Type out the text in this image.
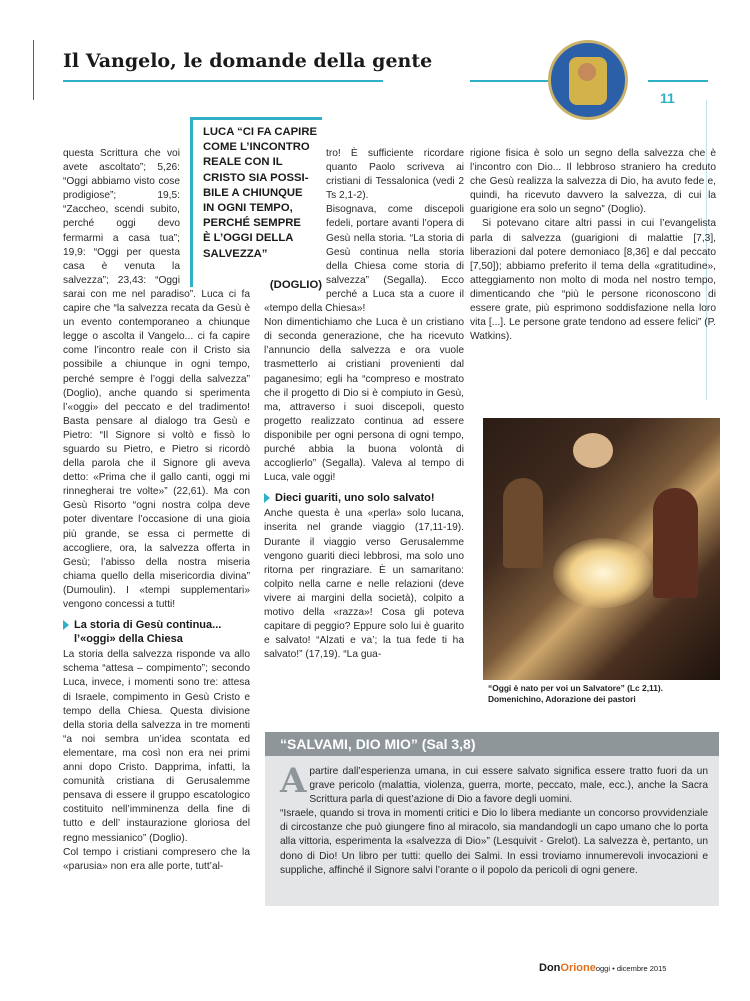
Il Vangelo, le domande della gente
11
LUCA “CI FA CAPIRE
COME L’INCONTRO
REALE CON IL
CRISTO SIA POSSI-
BILE A CHIUNQUE
IN OGNI TEMPO,
PERCHÉ SEMPRE
È L’OGGI DELLA
SALVEZZA”
(DOGLIO)

questa Scrittura che voi avete ascoltato”; 5,26: “Oggi abbiamo visto cose prodigiose”; 19,5: “Zaccheo, scendi subito, perché oggi devo fermarmi a casa tua”; 19,9: “Oggi per questa casa è venuta la salvezza”; 23,43: “Oggi sarai con me nel paradiso”. Luca ci fa capire che “la salvezza recata da Gesù è un evento contemporaneo a chiunque legge o ascolta il Vangelo... ci fa capire come l’incontro reale con il Cristo sia possibile a chiunque in ogni tempo, perché sempre è l’oggi della salvezza” (Doglio), anche quando si sperimenta l’«oggi» del peccato e del tradimento! Basta pensare al dialogo tra Gesù e Pietro: “Il Signore si voltò e fissò lo sguardo su Pietro, e Pietro si ricordò della parola che il Signore gli aveva detto: «Prima che il gallo canti, oggi mi rinnegherai tre volte»” (22,61). Ma con Gesù Risorto “ogni nostra colpa deve poter diventare l’occasione di una gioia più grande, se essa ci permette di accogliere, ora, la salvezza offerta in Gesù; l’abisso della nostra miseria chiama quello della misericordia divina” (Dumoulin). I «tempi supplementari» vengono concessi a tutti!

La storia di Gesù continua...
l’«oggi» della Chiesa

La storia della salvezza risponde va allo schema “attesa – compimento”; secondo Luca, invece, i momenti sono tre: attesa di Israele, compimento in Gesù Cristo e tempo della Chiesa. Questa divisione della storia della salvezza in tre momenti “a noi sembra un’idea scontata ed elementare, ma così non era nei primi anni dopo Cristo. Dapprima, infatti, la comunità cristiana di Gerusalemme pensava di essere il gruppo escatologico costituito nell’imminenza della fine di tutto e dell’ instaurazione gloriosa del regno messianico” (Doglio).

Col tempo i cristiani compresero che la «parusia» non era alle porte, tutt’al-

tro! È sufficiente ricordare quanto Paolo scriveva ai cristiani di Tessalonica (vedi 2 Ts 2,1-2).

Bisognava, come discepoli fedeli, portare avanti l’opera di Gesù nella storia. “La storia di Gesù continua nella storia della Chiesa come storia di salvezza” (Segalla). Ecco perché a Luca sta a cuore il «tempo della Chiesa»!

Non dimentichiamo che Luca è un cristiano di seconda generazione, che ha ricevuto l’annuncio della salvezza e ora vuole trasmetterlo ai cristiani provenienti dal paganesimo; egli ha “compreso e mostrato che il progetto di Dio si è compiuto in Gesù, ma, attraverso i suoi discepoli, questo progetto realizzato continua ad essere disponibile per ogni persona di ogni tempo, purché abbia la buona volontà di accoglierlo” (Segalla). Valeva al tempo di Luca, vale oggi!

Dieci guariti, uno solo salvato!

Anche questa è una «perla» solo lucana, inserita nel grande viaggio (17,11-19). Durante il viaggio verso Gerusalemme vengono guariti dieci lebbrosi, ma solo uno ritorna per ringraziare. È un samaritano: colpito nella carne e nelle relazioni (deve vivere ai margini della società), colpito a motivo della «razza»! Cosa gli poteva capitare di peggio? Eppure solo lui è guarito e salvato! “Alzati e va’; la tua fede ti ha salvato!” (17,19). “La gua-

rigione fisica è solo un segno della salvezza che è l’incontro con Dio... Il lebbroso straniero ha creduto che Gesù realizza la salvezza di Dio, ha avuto fede e, quindi, ha ricevuto davvero la salvezza, di cui la guarigione era solo un segno” (Doglio).

Si potevano citare altri passi in cui l’evangelista parla di salvezza (guarigioni di malattie [7,3], liberazioni dal potere demoniaco [8,36] e dal peccato [7,50]); abbiamo preferito il tema della «gratitudine», atteggiamento non molto di moda nel nostro tempo, dimenticando che “più le persone riconoscono di essere grate, più esprimono soddisfazione nella loro vita [...]. Le persone grate tendono ad essere felici” (P. Watkins).

“Oggi è nato per voi un Salvatore” (Lc 2,11).
Domenichino, Adorazione dei pastori
“SALVAMI, DIO MIO” (Sal 3,8)
A partire dall’esperienza umana, in cui essere salvato significa essere tratto fuori da un grave pericolo (malattia, violenza, guerra, morte, peccato, male, ecc.), anche la Sacra Scrittura parla di quest’azione di Dio a favore degli uomini.

“Israele, quando si trova in momenti critici e Dio lo libera mediante un concorso provvidenziale di circostanze che può giungere fino al miracolo, sia mandandogli un capo umano che lo porta alla vittoria, esperimenta la «salvezza di Dio»” (Lesquivit - Grelot). La salvezza è, pertanto, un dono di Dio! Un libro per tutti: quello dei Salmi. In essi troviamo innumerevoli invocazioni e suppliche, affinché il Signore salvi l’orante o il popolo da pericoli di ogni genere.

DonOrioneoggi • dicembre 2015
